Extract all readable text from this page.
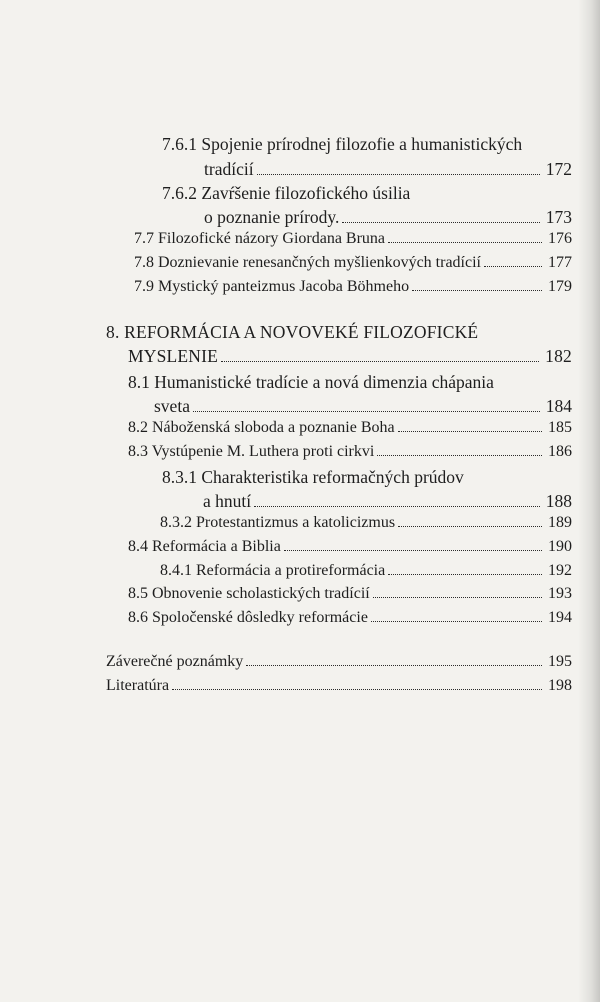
7.6.1 Spojenie prírodnej filozofie a humanistických
tradícií	172
7.6.2 Zavŕšenie filozofického úsilia
o poznanie prírody.	173
7.7 Filozofické názory Giordana Bruna	176
7.8 Doznievanie renesančných myšlienkových tradícií	177
7.9 Mystický panteizmus Jacoba Böhmeho	179
8. REFORMÁCIA A NOVOVEKÉ FILOZOFICKÉ
MYSLENIE	182
8.1 Humanistické tradície a nová dimenzia chápania
sveta	184
8.2 Náboženská sloboda a poznanie Boha	185
8.3 Vystúpenie M. Luthera proti cirkvi	186
8.3.1 Charakteristika reformačných prúdov
a hnutí	188
8.3.2 Protestantizmus a katolicizmus	189
8.4 Reformácia a Biblia	190
8.4.1 Reformácia a protireformácia	192
8.5 Obnovenie scholastických tradícií	193
8.6 Spoločenské dôsledky reformácie	194
Záverečné poznámky	195
Literatúra	198
